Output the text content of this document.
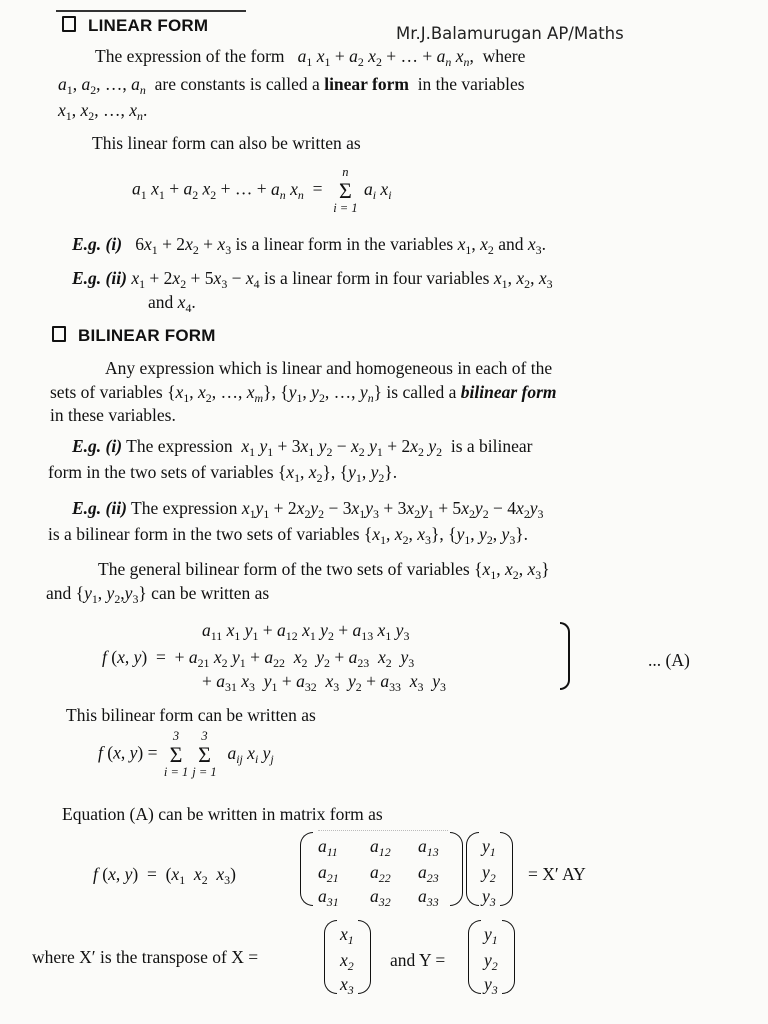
Mr.J.Balamurugan AP/Maths
LINEAR FORM
The expression of the form $a_1$ $x_1 + a_2$ $x_2$ + … + $a_n$ $x_n$,  where
$a_1$, $a_2$, …, $a_n$ are constants is called a linear form in the variables
$x_1$, $x_2$, …, $x_n$.
This linear form can also be written as
$a_1$ $x_1 + a_2$ $x_2$ + … + $a_n$ $x_n$  =
n
Σ
i = 1
$a_i$ $x_i$
E.g. (i)   $6x_1 + 2x_2 + x_3$ is a linear form in the variables $x_1$, $x_2$ and $x_3$.
E.g. (ii) $x_1 + 2x_2 + 5x_3 - x_4$ is a linear form in four variables $x_1$, $x_2$, $x_3$
and $x_4$.
BILINEAR FORM
Any expression which is linear and homogeneous in each of the
sets of variables {$x_1$, $x_2$, …, $x_m$}, {$y_1$, $y_2$, …, $y_n$} is called a bilinear form
in these variables.
E.g. (i) The expression $x_1$ $y_1 + 3x_1$ $y_2 - x_2$ $y_1 + 2x_2$ $y_2$ is a bilinear
form in the two sets of variables {$x_1$, $x_2$}, {$y_1$, $y_2$}.
E.g. (ii) The expression $x_1y_1 + 2x_2y_2 - 3x_1y_3 + 3x_2y_1 + 5x_2y_2 - 4x_2y_3$
is a bilinear form in the two sets of variables {$x_1$, $x_2$, $x_3$}, {$y_1$, $y_2$, $y_3$}.
The general bilinear form of the two sets of variables {$x_1$, $x_2$, $x_3$}
and {$y_1$, $y_2,y_3$} can be written as
$a_{11}$ $x_1$ $y_1 + a_{12}$ $x_1$ $y_2 + a_{13}$ $x_1$ $y_3$
f (x, y)  =  + $a_{21}$ $x_2$ $y_1 + a_{22}$ $x_2$ $y_2 + a_{23}$ $x_2$ $y_3$
+ $a_{31}$ $x_3$ $y_1 + a_{32}$ $x_3$ $y_2 + a_{33}$ $x_3$ $y_3$
... (A)
This bilinear form can be written as
f (x, y) =
3
Σ
i = 1
3
Σ
j = 1
$a_{ij}$ $x_i$ $y_j$
Equation (A) can be written in matrix form as
f (x, $y) = (x_1$ $x_2$ $x_3$)
$a_{11}$ $a_{12}$ $a_{13}$
$a_{21}$ $a_{22}$ $a_{23}$
$a_{31}$ $a_{32}$ $a_{33}$
$y_1$
$y_2$
$y_3$
= X′ AY
where X′ is the transpose of X =
$x_1$
$x_2$
$x_3$
and Y =
$y_1$
$y_2$
$y_3$
